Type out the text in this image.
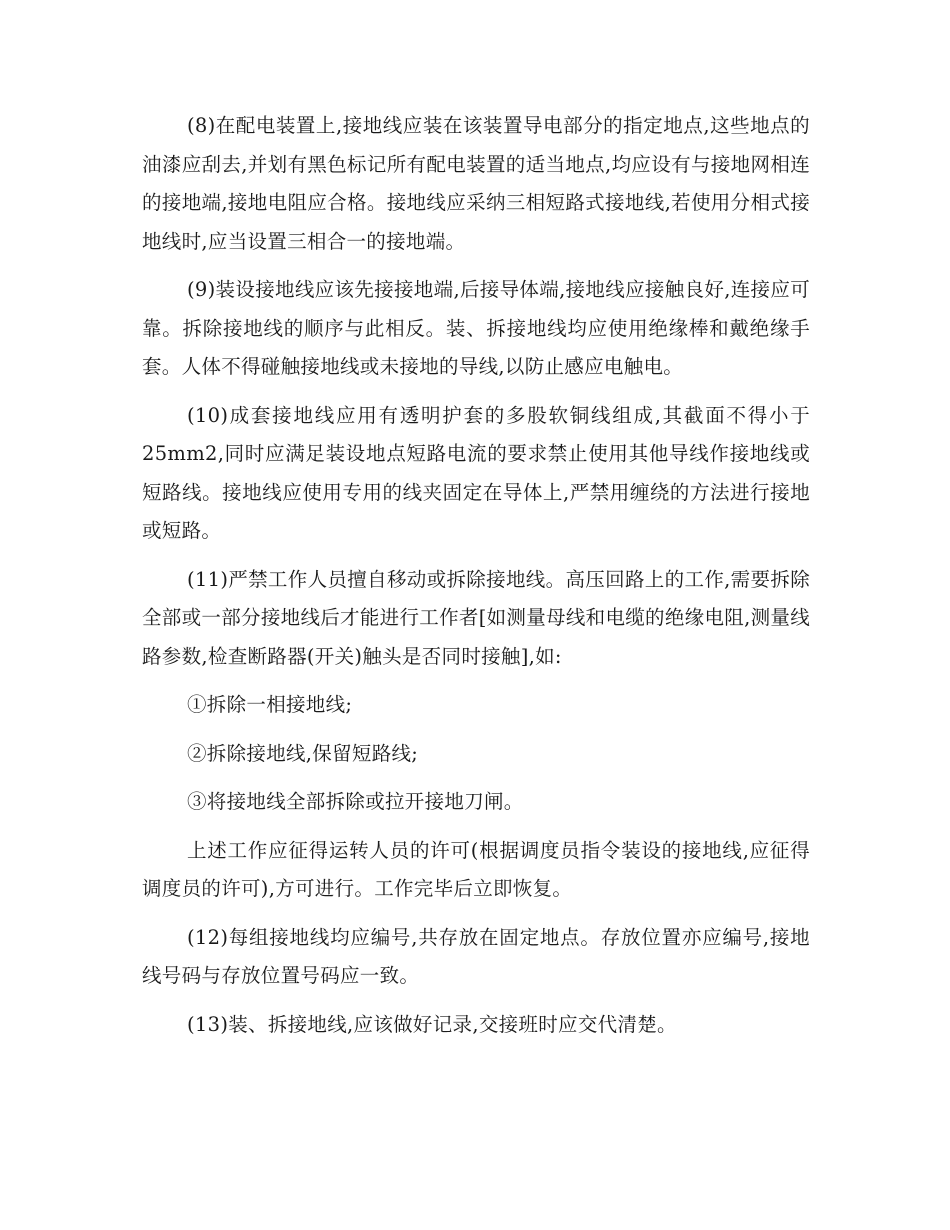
(8)在配电装置上,接地线应装在该装置导电部分的指定地点,这些地点的油漆应刮去,并划有黑色标记所有配电装置的适当地点,均应设有与接地网相连的接地端,接地电阻应合格。接地线应采纳三相短路式接地线,若使用分相式接地线时,应当设置三相合一的接地端。

(9)装设接地线应该先接接地端,后接导体端,接地线应接触良好,连接应可靠。拆除接地线的顺序与此相反。装、拆接地线均应使用绝缘棒和戴绝缘手套。人体不得碰触接地线或未接地的导线,以防止感应电触电。

(10)成套接地线应用有透明护套的多股软铜线组成,其截面不得小于25mm2,同时应满足装设地点短路电流的要求禁止使用其他导线作接地线或短路线。接地线应使用专用的线夹固定在导体上,严禁用缠绕的方法进行接地或短路。

(11)严禁工作人员擅自移动或拆除接地线。高压回路上的工作,需要拆除全部或一部分接地线后才能进行工作者[如测量母线和电缆的绝缘电阻,测量线路参数,检查断路器(开关)触头是否同时接触],如:

①拆除一相接地线;

②拆除接地线,保留短路线;

③将接地线全部拆除或拉开接地刀闸。

上述工作应征得运转人员的许可(根据调度员指令装设的接地线,应征得调度员的许可),方可进行。工作完毕后立即恢复。

(12)每组接地线均应编号,共存放在固定地点。存放位置亦应编号,接地线号码与存放位置号码应一致。

(13)装、拆接地线,应该做好记录,交接班时应交代清楚。
